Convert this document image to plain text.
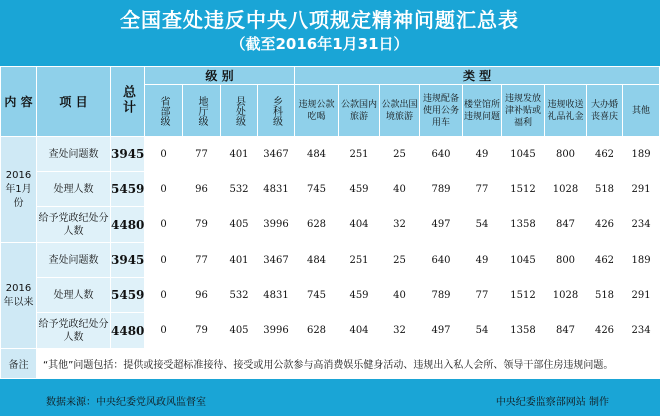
全国查处违反中央八项规定精神问题汇总表
（截至2016年1月31日）
内 容	项 目	总计	级 别				类 型								

			省部级	地厅级	县处级	乡科级	违规公款吃喝	公款国内旅游	公款出国境旅游	违规配备使用公务用车	楼堂馆所违规问题	违规发放津补贴或福利	违规收送礼品礼金	大办婚丧喜庆	其他
2016年1月份	查处问题数	3945	0	77	401	3467	484	251	25	640	49	1045	800	462	189
	处理人数	5459	0	96	532	4831	745	459	40	789	77	1512	1028	518	291
	给予党政纪处分人数	4480	0	79	405	3996	628	404	32	497	54	1358	847	426	234
2016年以来	查处问题数	3945	0	77	401	3467	484	251	25	640	49	1045	800	462	189
	处理人数	5459	0	96	532	4831	745	459	40	789	77	1512	1028	518	291
	给予党政纪处分人数	4480	0	79	405	3996	628	404	32	497	54	1358	847	426	234
备注	“其他”问题包括：提供或接受超标准接待、接受或用公款参与高消费娱乐健身活动、违规出入私人会所、领导干部住房违规问题。														
数据来源：中央纪委党风政风监督室	中央纪委监察部网站 制作
